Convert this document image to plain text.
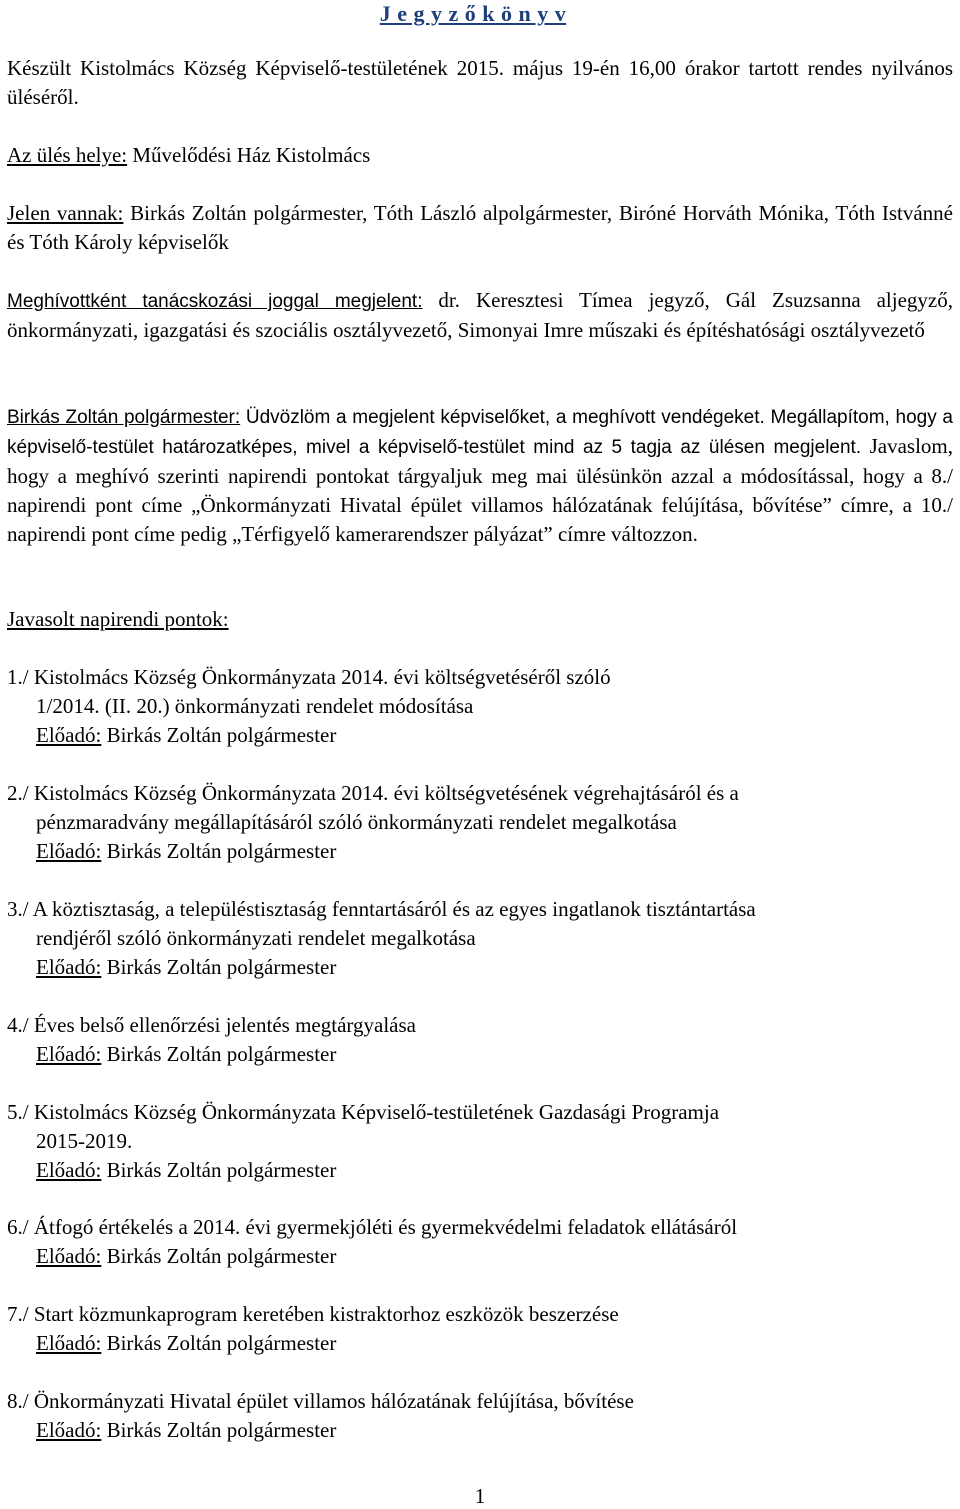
J e g y z ő k ö n y v
Készült Kistolmács Község Képviselő-testületének 2015. május 19-én 16,00 órakor tartott rendes nyilvános üléséről.
Az ülés helye: Művelődési Ház Kistolmács
Jelen vannak: Birkás Zoltán polgármester, Tóth László alpolgármester, Biróné Horváth Mónika, Tóth Istvánné és Tóth Károly képviselők
Meghívottként tanácskozási joggal megjelent: dr. Keresztesi Tímea jegyző, Gál Zsuzsanna aljegyző, önkormányzati, igazgatási és szociális osztályvezető, Simonyai Imre műszaki és építéshatósági osztályvezető
Birkás Zoltán polgármester: Üdvözlöm a megjelent képviselőket, a meghívott vendégeket. Megállapítom, hogy a képviselő-testület határozatképes, mivel a képviselő-testület mind az 5 tagja az ülésen megjelent. Javaslom, hogy a meghívó szerinti napirendi pontokat tárgyaljuk meg mai ülésünkön azzal a módosítással, hogy a 8./ napirendi pont címe „Önkormányzati Hivatal épület villamos hálózatának felújítása, bővítése” címre, a 10./ napirendi pont címe pedig „Térfigyelő kamerarendszer pályázat” címre változzon.
Javasolt napirendi pontok:
1./ Kistolmács Község Önkormányzata 2014. évi költségvetéséről szóló
1/2014. (II. 20.) önkormányzati rendelet módosítása
Előadó: Birkás Zoltán polgármester
2./ Kistolmács Község Önkormányzata 2014. évi költségvetésének végrehajtásáról és a
pénzmaradvány megállapításáról szóló önkormányzati rendelet megalkotása
Előadó: Birkás Zoltán polgármester
3./ A köztisztaság, a településtisztaság fenntartásáról és az egyes ingatlanok tisztántartása
rendjéről szóló önkormányzati rendelet megalkotása
Előadó: Birkás Zoltán polgármester
4./ Éves belső ellenőrzési jelentés megtárgyalása
Előadó: Birkás Zoltán polgármester
5./ Kistolmács Község Önkormányzata Képviselő-testületének Gazdasági Programja
2015-2019.
Előadó: Birkás Zoltán polgármester
6./ Átfogó értékelés a 2014. évi gyermekjóléti és gyermekvédelmi feladatok ellátásáról
Előadó: Birkás Zoltán polgármester
7./ Start közmunkaprogram keretében kistraktorhoz eszközök beszerzése
Előadó: Birkás Zoltán polgármester
8./ Önkormányzati Hivatal épület villamos hálózatának felújítása, bővítése
Előadó: Birkás Zoltán polgármester
1
